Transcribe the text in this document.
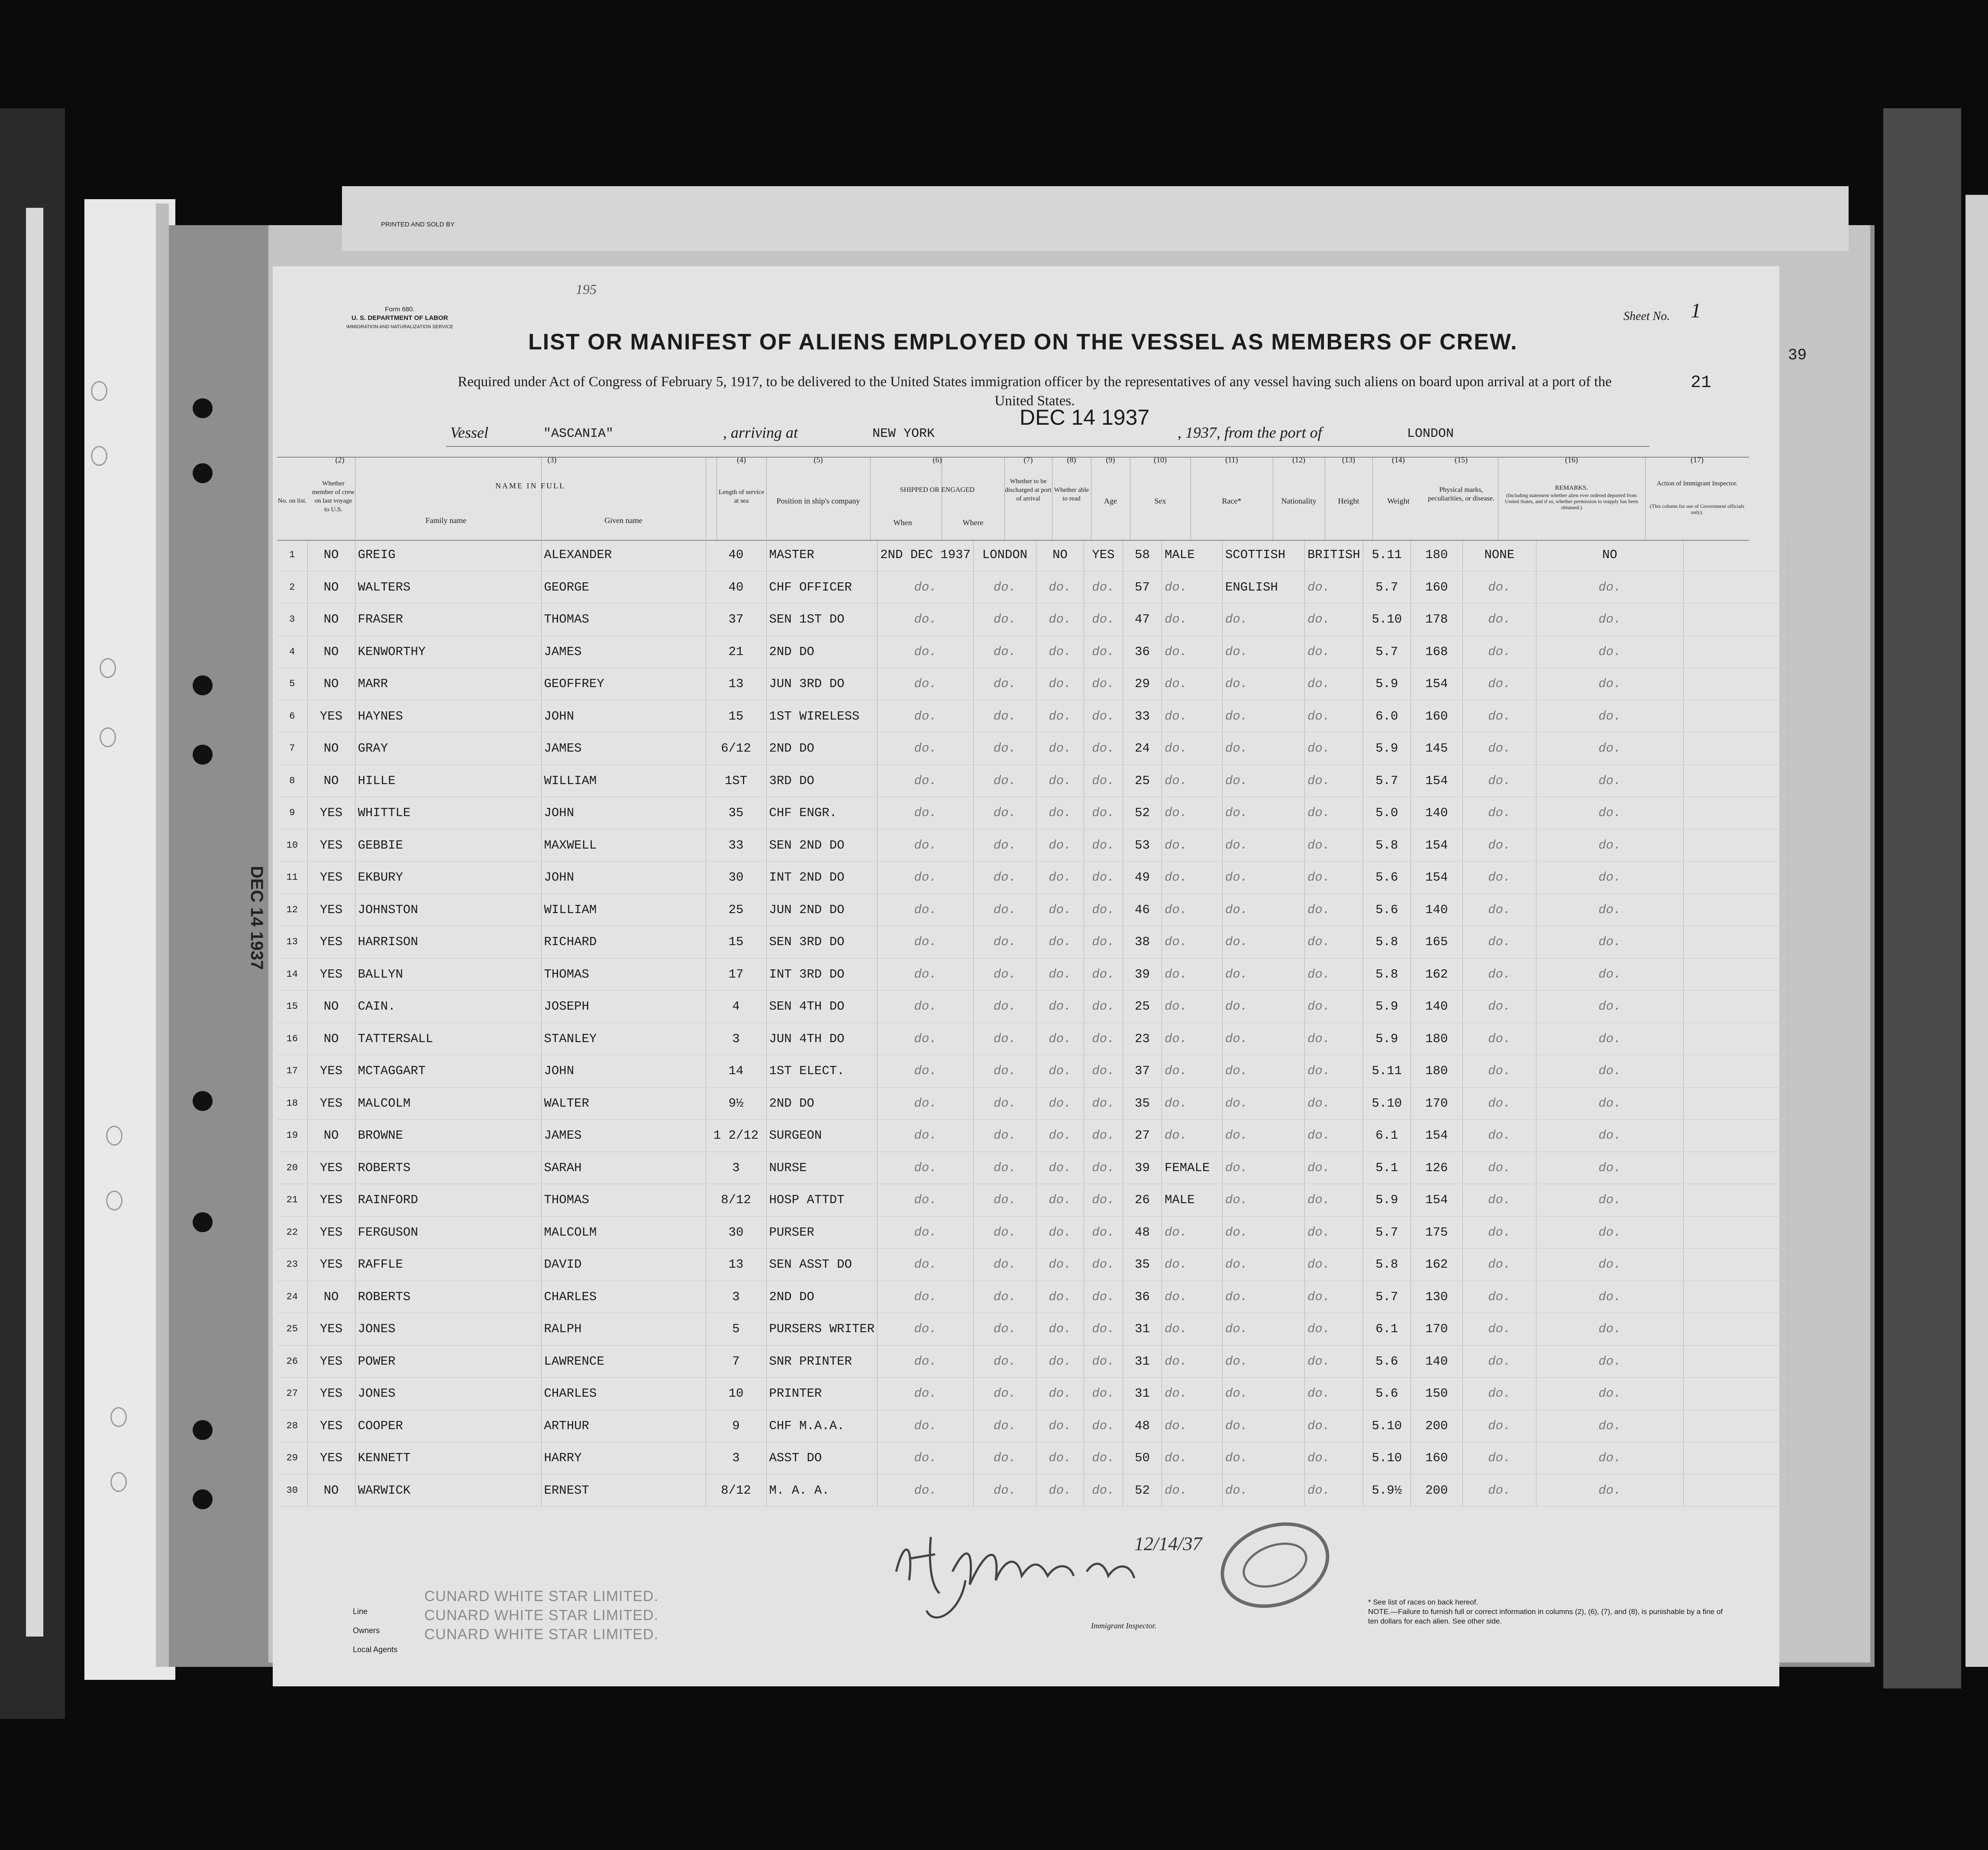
PRINTED AND SOLD BY
DEC 14 1937
Form 680.
U. S. DEPARTMENT OF LABOR
IMMIGRATION AND NATURALIZATION SERVICE
195
Sheet No. 1
21
39
LIST OR MANIFEST OF ALIENS EMPLOYED ON THE VESSEL AS MEMBERS OF CREW.
Required under Act of Congress of February 5, 1917, to be delivered to the United States immigration officer by the representatives of any vessel having such aliens on board upon arrival at a port of the United States.
Vessel	"ASCANIA"	, arriving at	NEW YORK
DEC 14 1937
, 1937, from the port of	LONDON
(2)	(3)	(4)	(5)	(6)	(7)	(8)	(9)	(10)	(11)	(12)	(13)	(14)	(15)	(16)	(17)
No. on list.
Whether member of crew on last voyage to U.S.
NAME IN FULL
Family name	Given name
Length of service at sea	Position in ship's company
SHIPPED OR ENGAGED
When	Where
Whether to be discharged at port of arrival
Whether able to read	Age	Sex	Race*	Nationality	Height	Weight
Physical marks, peculiarities, or disease.
REMARKS.
(Including statement whether alien ever ordered deported from United States, and if so, whether permission to reapply has been obtained.)
Action of Immigrant Inspector.
(This column for use of Government officials only).
1	NO	GREIG	ALEXANDER	40	MASTER	2ND DEC 1937	LONDON	NO	YES	58	MALE	SCOTTISH	BRITISH	5.11	180	NONE	NO	
2	NO	WALTERS	GEORGE	40	CHF OFFICER	do.	do.	do.	do.	57	do.	ENGLISH	do.	5.7	160	do.	do.	
3	NO	FRASER	THOMAS	37	SEN 1ST DO	do.	do.	do.	do.	47	do.	do.	do.	5.10	178	do.	do.	
4	NO	KENWORTHY	JAMES	21	2ND DO	do.	do.	do.	do.	36	do.	do.	do.	5.7	168	do.	do.	
5	NO	MARR	GEOFFREY	13	JUN 3RD DO	do.	do.	do.	do.	29	do.	do.	do.	5.9	154	do.	do.	
6	YES	HAYNES	JOHN	15	1ST WIRELESS	do.	do.	do.	do.	33	do.	do.	do.	6.0	160	do.	do.	
7	NO	GRAY	JAMES	6/12	2ND DO	do.	do.	do.	do.	24	do.	do.	do.	5.9	145	do.	do.	
8	NO	HILLE	WILLIAM	1ST	3RD DO	do.	do.	do.	do.	25	do.	do.	do.	5.7	154	do.	do.	
9	YES	WHITTLE	JOHN	35	CHF ENGR.	do.	do.	do.	do.	52	do.	do.	do.	5.0	140	do.	do.	
10	YES	GEBBIE	MAXWELL	33	SEN 2ND DO	do.	do.	do.	do.	53	do.	do.	do.	5.8	154	do.	do.	
11	YES	EKBURY	JOHN	30	INT 2ND DO	do.	do.	do.	do.	49	do.	do.	do.	5.6	154	do.	do.	
12	YES	JOHNSTON	WILLIAM	25	JUN 2ND DO	do.	do.	do.	do.	46	do.	do.	do.	5.6	140	do.	do.	
13	YES	HARRISON	RICHARD	15	SEN 3RD DO	do.	do.	do.	do.	38	do.	do.	do.	5.8	165	do.	do.	
14	YES	BALLYN	THOMAS	17	INT 3RD DO	do.	do.	do.	do.	39	do.	do.	do.	5.8	162	do.	do.	
15	NO	CAIN.	JOSEPH	4	SEN 4TH DO	do.	do.	do.	do.	25	do.	do.	do.	5.9	140	do.	do.	
16	NO	TATTERSALL	STANLEY	3	JUN 4TH DO	do.	do.	do.	do.	23	do.	do.	do.	5.9	180	do.	do.	
17	YES	MCTAGGART	JOHN	14	1ST ELECT.	do.	do.	do.	do.	37	do.	do.	do.	5.11	180	do.	do.	
18	YES	MALCOLM	WALTER	9½	2ND DO	do.	do.	do.	do.	35	do.	do.	do.	5.10	170	do.	do.	
19	NO	BROWNE	JAMES	1 2/12	SURGEON	do.	do.	do.	do.	27	do.	do.	do.	6.1	154	do.	do.	
20	YES	ROBERTS	SARAH	3	NURSE	do.	do.	do.	do.	39	FEMALE	do.	do.	5.1	126	do.	do.	
21	YES	RAINFORD	THOMAS	8/12	HOSP ATTDT	do.	do.	do.	do.	26	MALE	do.	do.	5.9	154	do.	do.	
22	YES	FERGUSON	MALCOLM	30	PURSER	do.	do.	do.	do.	48	do.	do.	do.	5.7	175	do.	do.	
23	YES	RAFFLE	DAVID	13	SEN ASST DO	do.	do.	do.	do.	35	do.	do.	do.	5.8	162	do.	do.	
24	NO	ROBERTS	CHARLES	3	2ND DO	do.	do.	do.	do.	36	do.	do.	do.	5.7	130	do.	do.	
25	YES	JONES	RALPH	5	PURSERS WRITER	do.	do.	do.	do.	31	do.	do.	do.	6.1	170	do.	do.	
26	YES	POWER	LAWRENCE	7	SNR PRINTER	do.	do.	do.	do.	31	do.	do.	do.	5.6	140	do.	do.	
27	YES	JONES	CHARLES	10	PRINTER	do.	do.	do.	do.	31	do.	do.	do.	5.6	150	do.	do.	
28	YES	COOPER	ARTHUR	9	CHF M.A.A.	do.	do.	do.	do.	48	do.	do.	do.	5.10	200	do.	do.	
29	YES	KENNETT	HARRY	3	ASST DO	do.	do.	do.	do.	50	do.	do.	do.	5.10	160	do.	do.	
30	NO	WARWICK	ERNEST	8/12	M. A. A.	do.	do.	do.	do.	52	do.	do.	do.	5.9½	200	do.	do.	
Line
Owners
Local Agents
CUNARD WHITE STAR LIMITED.
CUNARD WHITE STAR LIMITED.
CUNARD WHITE STAR LIMITED.
12/14/37
Immigrant Inspector.
* See list of races on back hereof.
NOTE.—Failure to furnish full or correct information in columns (2), (6), (7), and (8), is punishable by a fine of ten dollars for each alien. See other side.
